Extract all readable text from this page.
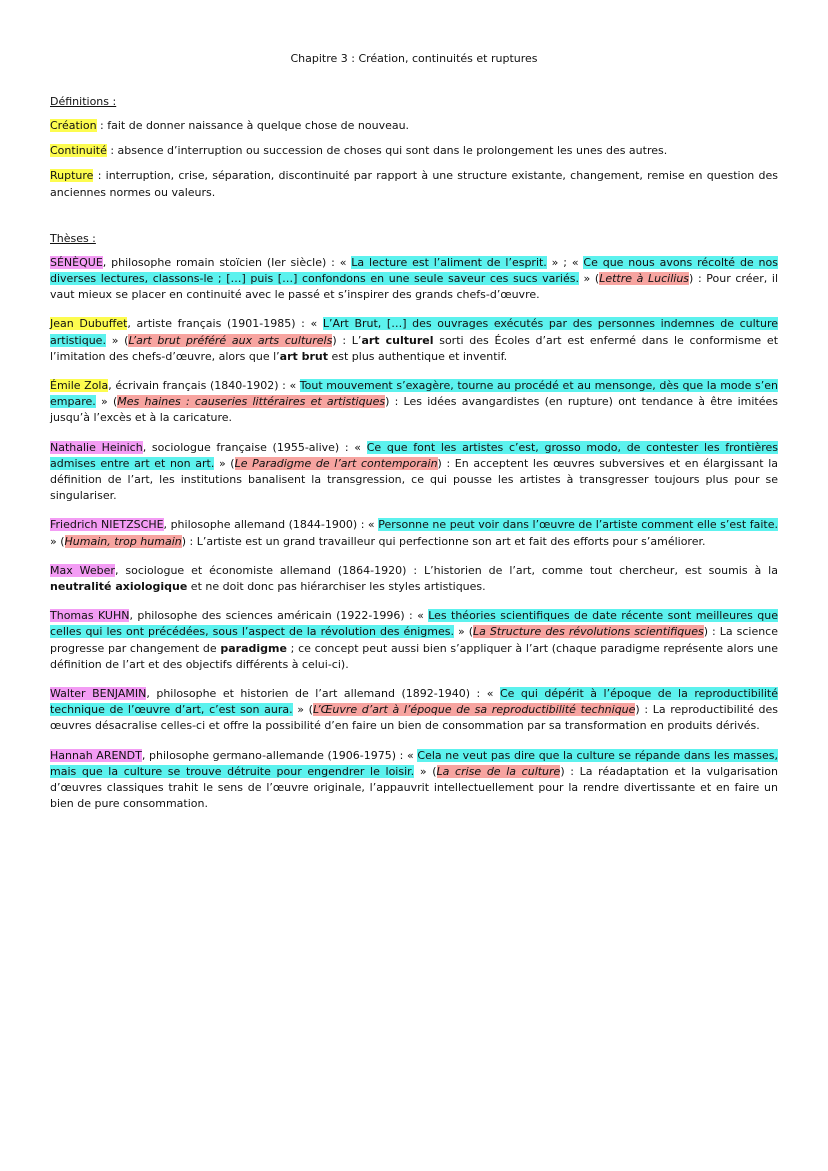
Chapitre 3 : Création, continuités et ruptures
Définitions :

Création : fait de donner naissance à quelque chose de nouveau.

Continuité : absence d’interruption ou succession de choses qui sont dans le prolongement les unes des autres.

Rupture : interruption, crise, séparation, discontinuité par rapport à une structure existante, changement, remise en question des anciennes normes ou valeurs.

Thèses :

SÉNÈQUE, philosophe romain stoïcien (Ier siècle) : « La lecture est l’aliment de l’esprit. » ; « Ce que nous avons récolté de nos diverses lectures, classons-le ; […] puis […] confondons en une seule saveur ces sucs variés. » (Lettre à Lucilius) : Pour créer, il vaut mieux se placer en continuité avec le passé et s’inspirer des grands chefs-d’œuvre.

Jean Dubuffet, artiste français (1901-1985) : « L’Art Brut, […] des ouvrages exécutés par des personnes indemnes de culture artistique. » (L’art brut préféré aux arts culturels) : L’art culturel sorti des Écoles d’art est enfermé dans le conformisme et l’imitation des chefs-d’œuvre, alors que l’art brut est plus authentique et inventif.

Émile Zola, écrivain français (1840-1902) : « Tout mouvement s’exagère, tourne au procédé et au mensonge, dès que la mode s’en empare. » (Mes haines : causeries littéraires et artistiques) : Les idées avangardistes (en rupture) ont tendance à être imitées jusqu’à l’excès et à la caricature.

Nathalie Heinich, sociologue française (1955-alive) : « Ce que font les artistes c’est, grosso modo, de contester les frontières admises entre art et non art. » (Le Paradigme de l’art contemporain) : En acceptent les œuvres subversives et en élargissant la définition de l’art, les institutions banalisent la transgression, ce qui pousse les artistes à transgresser toujours plus pour se singulariser.

Friedrich NIETZSCHE, philosophe allemand (1844-1900) : « Personne ne peut voir dans l’œuvre de l’artiste comment elle s’est faite. » (Humain, trop humain) : L’artiste est un grand travailleur qui perfectionne son art et fait des efforts pour s’améliorer.

Max Weber, sociologue et économiste allemand (1864-1920) : L’historien de l’art, comme tout chercheur, est soumis à la neutralité axiologique et ne doit donc pas hiérarchiser les styles artistiques.

Thomas KUHN, philosophe des sciences américain (1922-1996) : « Les théories scientifiques de date récente sont meilleures que celles qui les ont précédées, sous l’aspect de la révolution des énigmes. » (La Structure des révolutions scientifiques) : La science progresse par changement de paradigme ; ce concept peut aussi bien s’appliquer à l’art (chaque paradigme représente alors une définition de l’art et des objectifs différents à celui-ci).

Walter BENJAMIN, philosophe et historien de l’art allemand (1892-1940) : « Ce qui dépérit à l’époque de la reproductibilité technique de l’œuvre d’art, c’est son aura. » (L’Œuvre d’art à l’époque de sa reproductibilité technique) : La reproductibilité des œuvres désacralise celles-ci et offre la possibilité d’en faire un bien de consommation par sa transformation en produits dérivés.

Hannah ARENDT, philosophe germano-allemande (1906-1975) : « Cela ne veut pas dire que la culture se répande dans les masses, mais que la culture se trouve détruite pour engendrer le loisir. » (La crise de la culture) : La réadaptation et la vulgarisation d’œuvres classiques trahit le sens de l’œuvre originale, l’appauvrit intellectuellement pour la rendre divertissante et en faire un bien de pure consommation.
